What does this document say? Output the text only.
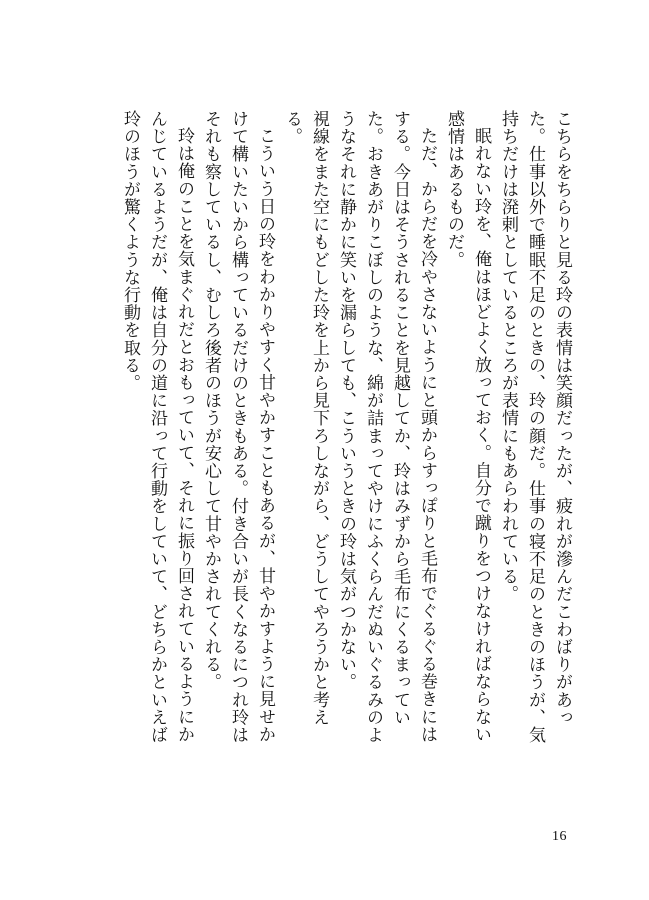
こちらをちらりと見る玲の表情は笑顔だったが、疲れが滲んだこわばりがあった。仕事以外で睡眠不足のときの、玲の顔だ。仕事の寝不足のときのほうが、気持ちだけは溌剌としているところが表情にもあらわれている。

眠れない玲を、俺はほどよく放っておく。自分で蹴りをつけなければならない感情はあるものだ。

ただ、からだを冷やさないようにと頭からすっぽりと毛布でぐるぐる巻きにはする。今日はそうされることを見越してか、玲はみずから毛布にくるまっていた。おきあがりこぼしのような、綿が詰まってやけにふくらんだぬいぐるみのようなそれに静かに笑いを漏らしても、こういうときの玲は気がつかない。

視線をまた空にもどした玲を上から見下ろしながら、どうしてやろうかと考える。

こういう日の玲をわかりやすく甘やかすこともあるが、甘やかすように見せかけて構いたいから構っているだけのときもある。付き合いが長くなるにつれ玲はそれも察しているし、むしろ後者のほうが安心して甘やかされてくれる。

玲は俺のことを気まぐれだとおもっていて、それに振り回されているようにかんじているようだが、俺は自分の道に沿って行動をしていて、どちらかといえば玲のほうが驚くような行動を取る。

16
